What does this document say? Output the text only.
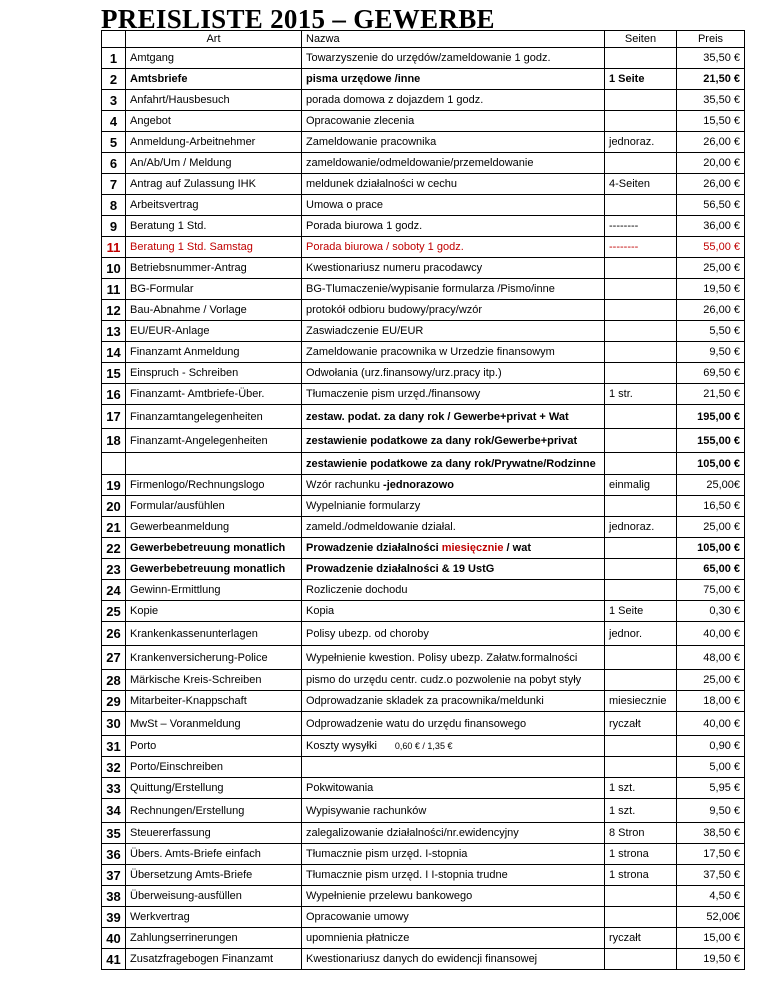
PREISLISTE 2015 – GEWERBE
	Art	Nazwa	Seiten	Preis
1	Amtgang	Towarzyszenie do urzędów/zameldowanie 1 godz.		35,50 €
2	Amtsbriefe	pisma urzędowe /inne	1 Seite	21,50 €
3	Anfahrt/Hausbesuch	porada domowa z dojazdem 1 godz.		35,50 €
4	Angebot	Opracowanie zlecenia		15,50 €
5	Anmeldung-Arbeitnehmer	Zameldowanie pracownika	jednoraz.	26,00 €
6	An/Ab/Um / Meldung	zameldowanie/odmeldowanie/przemeldowanie		20,00 €
7	Antrag auf Zulassung IHK	meldunek działalności w cechu	4-Seiten	26,00 €
8	Arbeitsvertrag	Umowa o prace		56,50 €
9	Beratung 1 Std.	Porada biurowa 1 godz.	--------	36,00 €
11	Beratung 1 Std. Samstag	Porada biurowa / soboty 1 godz.	--------	55,00 €
10	Betriebsnummer-Antrag	Kwestionariusz numeru pracodawcy		25,00 €
11	BG-Formular	BG-Tlumaczenie/wypisanie formularza /Pismo/inne		19,50 €
12	Bau-Abnahme / Vorlage	protokół odbioru budowy/pracy/wzór		26,00 €
13	EU/EUR-Anlage	Zaswiadczenie EU/EUR		5,50 €
14	Finanzamt Anmeldung	Zameldowanie pracownika w Urzedzie finansowym		9,50 €
15	Einspruch - Schreiben	Odwołania (urz.finansowy/urz.pracy itp.)		69,50 €
16	Finanzamt- Amtbriefe-Über.	Tłumaczenie pism urzęd./finansowy	1 str.	21,50 €
17	Finanzamtangelegenheiten	zestaw. podat. za dany rok / Gewerbe+privat + Wat		195,00 €
18	Finanzamt-Angelegenheiten	zestawienie podatkowe za dany rok/Gewerbe+privat		155,00 €
		zestawienie podatkowe za dany rok/Prywatne/Rodzinne		105,00 €
19	Firmenlogo/Rechnungslogo	Wzór rachunku -jednorazowo	einmalig	25,00€
20	Formular/ausfühlen	Wypelnianie formularzy		16,50 €
21	Gewerbeanmeldung	zameld./odmeldowanie działal.	jednoraz.	25,00 €
22	Gewerbebetreuung monatlich	Prowadzenie działalności miesięcznie / wat		105,00 €
23	Gewerbebetreuung monatlich	Prowadzenie działalności & 19 UstG		65,00 €
24	Gewinn-Ermittlung	Rozliczenie dochodu		75,00 €
25	Kopie	Kopia	1 Seite	0,30 €
26	Krankenkassenunterlagen	Polisy ubezp. od choroby	jednor.	40,00 €
27	Krankenversicherung-Police	Wypełnienie kwestion. Polisy ubezp. Załatw.formalności		48,00 €
28	Märkische Kreis-Schreiben	pismo do urzędu centr. cudz.o pozwolenie na pobyt styły		25,00 €
29	Mitarbeiter-Knappschaft	Odprowadzanie skladek za pracownika/meldunki	miesiecznie	18,00 €
30	MwSt – Voranmeldung	Odprowadzenie watu do urzędu finansowego	ryczałt	40,00 €
31	Porto	Koszty wysyłki 0,60 € / 1,35 €		0,90 €
32	Porto/Einschreiben			5,00 €
33	Quittung/Erstellung	Pokwitowania	1 szt.	5,95 €
34	Rechnungen/Erstellung	Wypisywanie rachunków	1 szt.	9,50 €
35	Steuererfassung	zalegalizowanie działalności/nr.ewidencyjny	8 Stron	38,50 €
36	Übers. Amts-Briefe einfach	Tłumacznie pism urzęd. I-stopnia	1 strona	17,50 €
37	Übersetzung Amts-Briefe	Tłumacznie pism urzęd. I I-stopnia trudne	1 strona	37,50 €
38	Überweisung-ausfüllen	Wypełnienie przelewu bankowego		4,50 €
39	Werkvertrag	Opracowanie umowy		52,00€
40	Zahlungserrinerungen	upomnienia płatnicze	ryczałt	15,00 €
41	Zusatzfragebogen Finanzamt	Kwestionariusz danych do ewidencji finansowej		19,50 €
